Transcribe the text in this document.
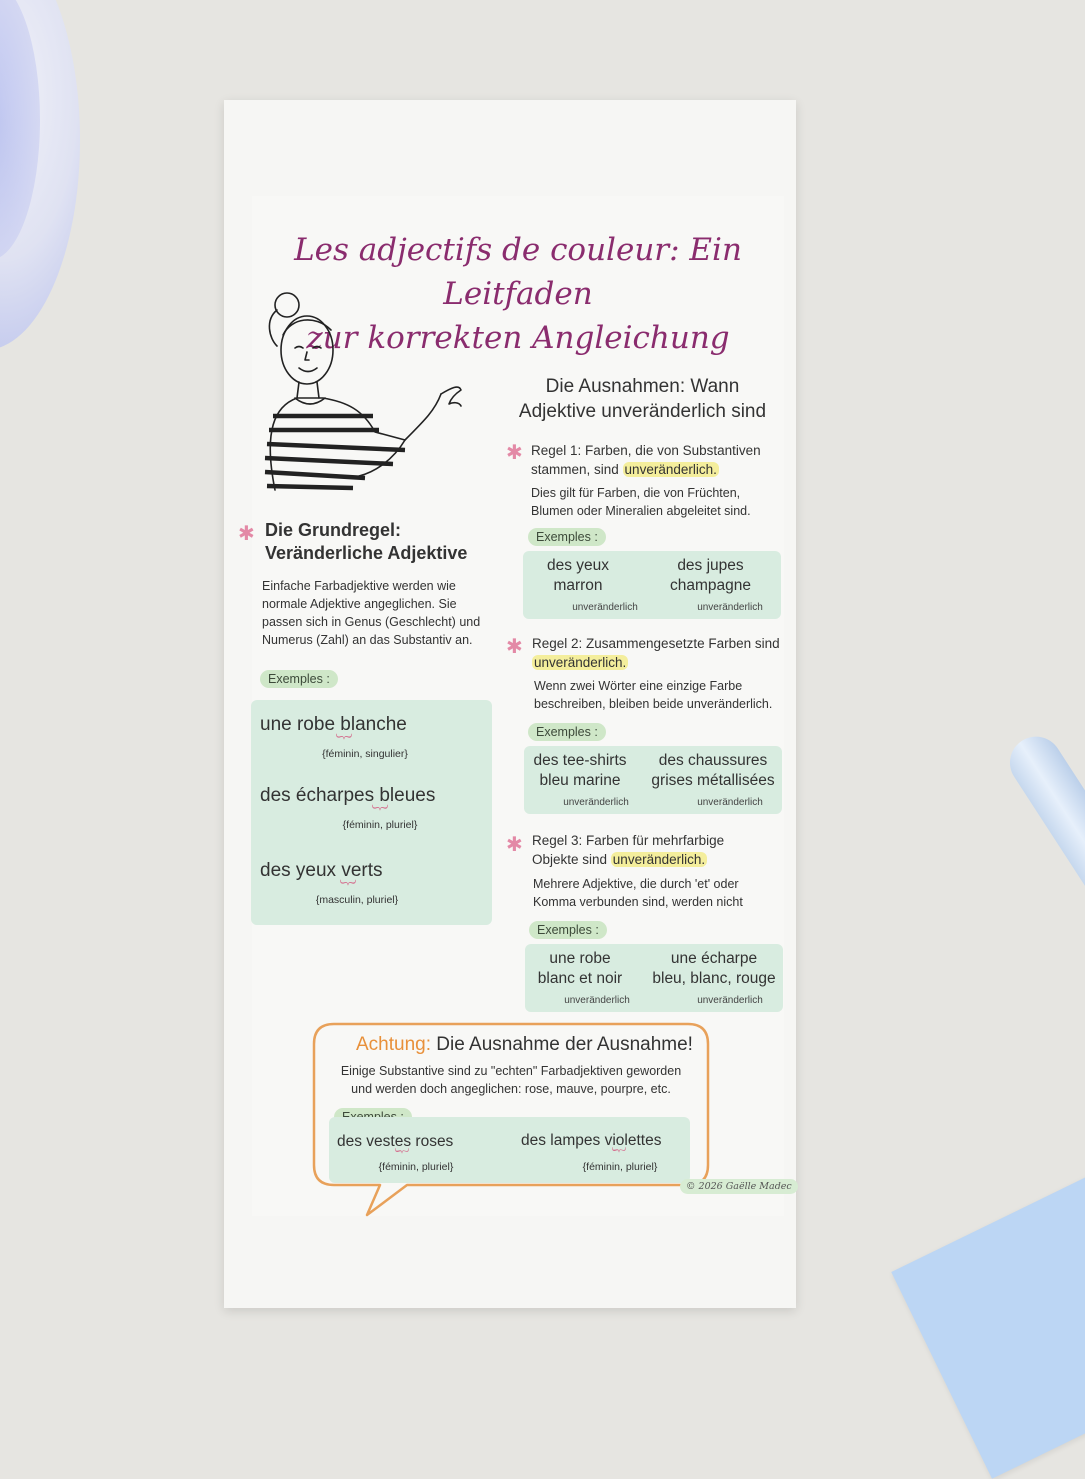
Les adjectifs de couleur: Ein Leitfaden
zur korrekten Angleichung
✱ Die Grundregel:
Veränderliche Adjektive
Einfache Farbadjektive werden wie normale Adjektive angeglichen. Sie passen sich in Genus (Geschlecht) und Numerus (Zahl) an das Substantiv an.
Exemples :
une robe blanche
︸
{féminin, singulier}
des écharpes bleues
︸
{féminin, pluriel}
des yeux verts
︸
{masculin, pluriel}
Die Ausnahmen: Wann
Adjektive unveränderlich sind
✱ Regel 1: Farben, die von Substantiven stammen, sind unveränderlich.
Dies gilt für Farben, die von Früchten, Blumen oder Mineralien abgeleitet sind.
Exemples :
des yeux
marron
unveränderlich
des jupes
champagne
unveränderlich
✱ Regel 2: Zusammengesetzte Farben sind unveränderlich.
Wenn zwei Wörter eine einzige Farbe beschreiben, bleiben beide unveränderlich.
Exemples :
des tee-shirts
bleu marine
unveränderlich
des chaussures
grises métallisées
unveränderlich
✱ Regel 3: Farben für mehrfarbige Objekte sind unveränderlich.
Mehrere Adjektive, die durch 'et' oder Komma verbunden sind, werden nicht
Exemples :
une robe
blanc et noir
unveränderlich
une écharpe
bleu, blanc, rouge
unveränderlich
Achtung: Die Ausnahme der Ausnahme!
Einige Substantive sind zu "echten" Farbadjektiven geworden
und werden doch angeglichen: rose, mauve, pourpre, etc.
des vestes roses
︸
{féminin, pluriel}
des lampes violettes
︸
{féminin, pluriel}
© 2026 Gaëlle Madec
